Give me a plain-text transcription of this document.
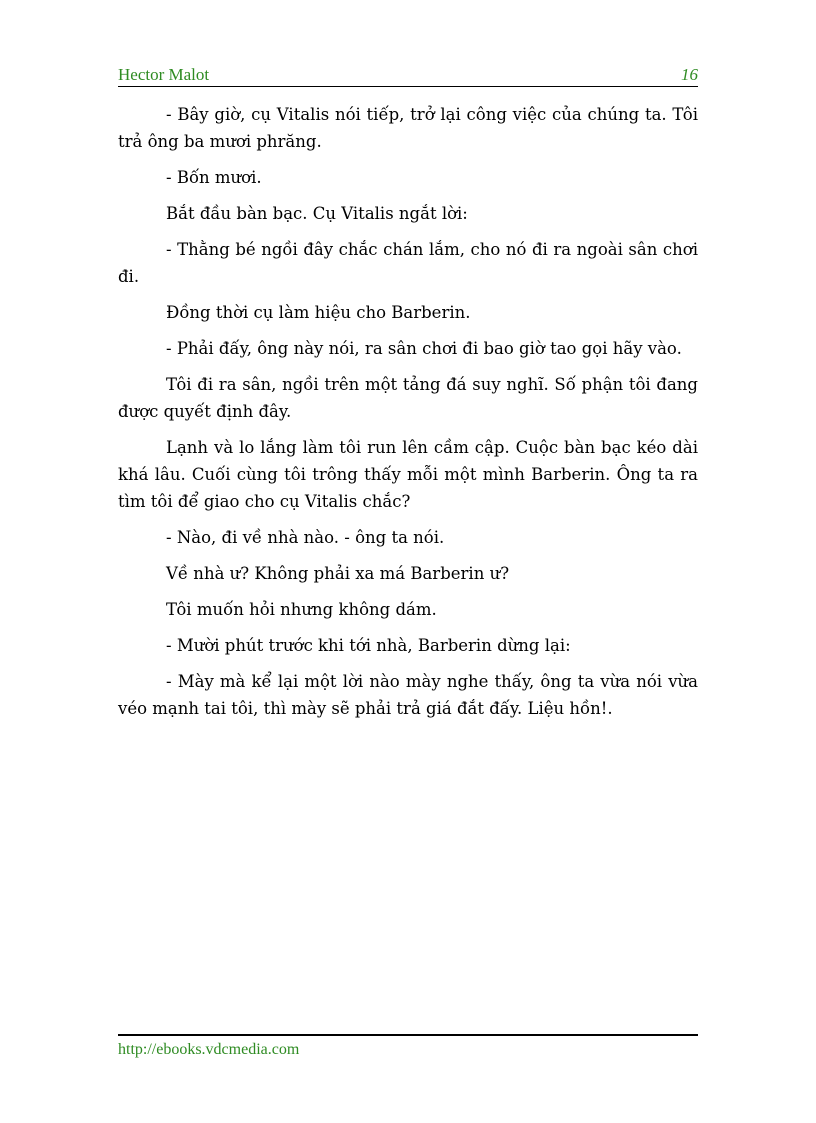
Hector Malot	16

- Bây giờ, cụ Vitalis nói tiếp, trở lại công việc của chúng ta. Tôi trả ông ba mươi phrăng.

- Bốn mươi.

Bắt đầu bàn bạc. Cụ Vitalis ngắt lời:

- Thằng bé ngồi đây chắc chán lắm, cho nó đi ra ngoài sân chơi đi.

Đồng thời cụ làm hiệu cho Barberin.

- Phải đấy, ông này nói, ra sân chơi đi bao giờ tao gọi hãy vào.

Tôi đi ra sân, ngồi trên một tảng đá suy nghĩ. Số phận tôi đang được quyết định đây.

Lạnh và lo lắng làm tôi run lên cầm cập. Cuộc bàn bạc kéo dài khá lâu. Cuối cùng tôi trông thấy mỗi một mình Barberin. Ông ta ra tìm tôi để giao cho cụ Vitalis chắc?

- Nào, đi về nhà nào. - ông ta nói.

Về nhà ư? Không phải xa má Barberin ư?

Tôi muốn hỏi nhưng không dám.

- Mười phút trước khi tới nhà, Barberin dừng lại:

- Mày mà kể lại một lời nào mày nghe thấy, ông ta vừa nói vừa véo mạnh tai tôi, thì mày sẽ phải trả giá đắt đấy. Liệu hồn!.

http://ebooks.vdcmedia.com
